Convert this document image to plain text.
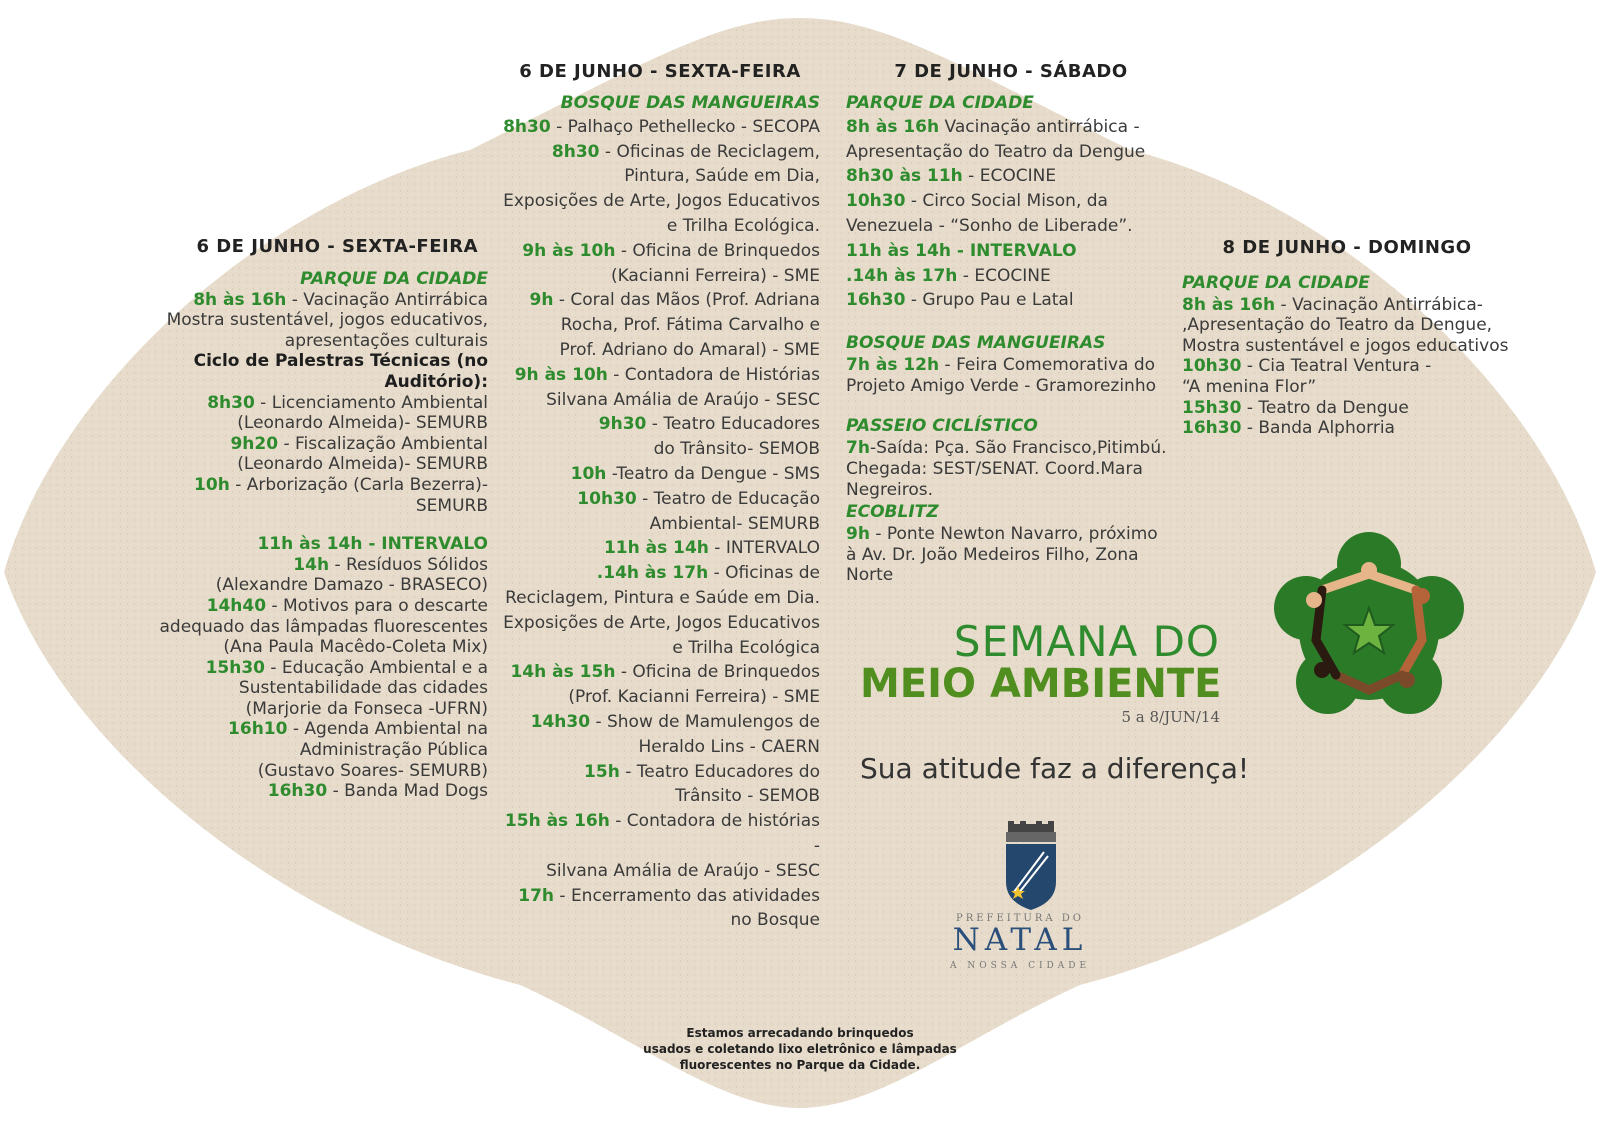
6 DE JUNHO - SEXTA-FEIRA
PARQUE DA CIDADE
8h às 16h - Vacinação Antirrábica
Mostra sustentável, jogos educativos,
apresentações culturais
Ciclo de Palestras Técnicas (no Auditório):
8h30 - Licenciamento Ambiental
(Leonardo Almeida)- SEMURB
9h20 - Fiscalização Ambiental
(Leonardo Almeida)- SEMURB
10h - Arborização (Carla Bezerra)- SEMURB
11h às 14h - INTERVALO
14h - Resíduos Sólidos
(Alexandre Damazo - BRASECO)
14h40 - Motivos para o descarte
adequado das lâmpadas fluorescentes
(Ana Paula Macêdo-Coleta Mix)
15h30 - Educação Ambiental e a
Sustentabilidade das cidades
(Marjorie da Fonseca -UFRN)
16h10 - Agenda Ambiental na
Administração Pública
(Gustavo Soares- SEMURB)
16h30 - Banda Mad Dogs
6 DE JUNHO - SEXTA-FEIRA
BOSQUE DAS MANGUEIRAS
8h30 - Palhaço Pethellecko - SECOPA
8h30 - Oficinas de Reciclagem,
Pintura, Saúde em Dia,
Exposições de Arte, Jogos Educativos
e Trilha Ecológica.
9h às 10h - Oficina de Brinquedos
(Kacianni Ferreira) - SME
9h - Coral das Mãos (Prof. Adriana
Rocha, Prof. Fátima Carvalho e
Prof. Adriano do Amaral) - SME
9h às 10h - Contadora de Histórias
Silvana Amália de Araújo - SESC
9h30 - Teatro Educadores
do Trânsito- SEMOB
10h -Teatro da Dengue - SMS
10h30 - Teatro de Educação
Ambiental- SEMURB
11h às 14h - INTERVALO
.14h às 17h - Oficinas de
Reciclagem, Pintura e Saúde em Dia.
Exposições de Arte, Jogos Educativos
e Trilha Ecológica
14h às 15h - Oficina de Brinquedos
(Prof. Kacianni Ferreira) - SME
14h30 - Show de Mamulengos de
Heraldo Lins - CAERN
15h - Teatro Educadores do
Trânsito - SEMOB
15h às 16h - Contadora de histórias -
Silvana Amália de Araújo - SESC
17h - Encerramento das atividades
no Bosque
7 DE JUNHO - SÁBADO
PARQUE DA CIDADE
8h às 16h Vacinação antirrábica -
Apresentação do Teatro da Dengue
8h30 às 11h - ECOCINE
10h30 - Circo Social Mison, da
Venezuela - “Sonho de Liberade”.
11h às 14h - INTERVALO
.14h às 17h - ECOCINE
16h30 - Grupo Pau e Latal
BOSQUE DAS MANGUEIRAS
7h às 12h - Feira Comemorativa do
Projeto Amigo Verde - Gramorezinho
PASSEIO CICLÍSTICO
7h-Saída: Pça. São Francisco,Pitimbú.
Chegada: SEST/SENAT. Coord.Mara
Negreiros.
ECOBLITZ
9h - Ponte Newton Navarro, próximo
à Av. Dr. João Medeiros Filho, Zona
Norte
8 DE JUNHO - DOMINGO
PARQUE DA CIDADE
8h às 16h - Vacinação Antirrábica-
,Apresentação do Teatro da Dengue,
Mostra sustentável e jogos educativos
10h30 - Cia Teatral Ventura -
“A menina Flor”
15h30 - Teatro da Dengue
16h30 - Banda Alphorria
SEMANA DO
MEIO AMBIENTE
5 a 8/JUN/14
Sua atitude faz a diferença!
PREFEITURA DO
NATAL
A NOSSA CIDADE
Estamos arrecadando brinquedos
usados e coletando lixo eletrônico e lâmpadas
fluorescentes no Parque da Cidade.
